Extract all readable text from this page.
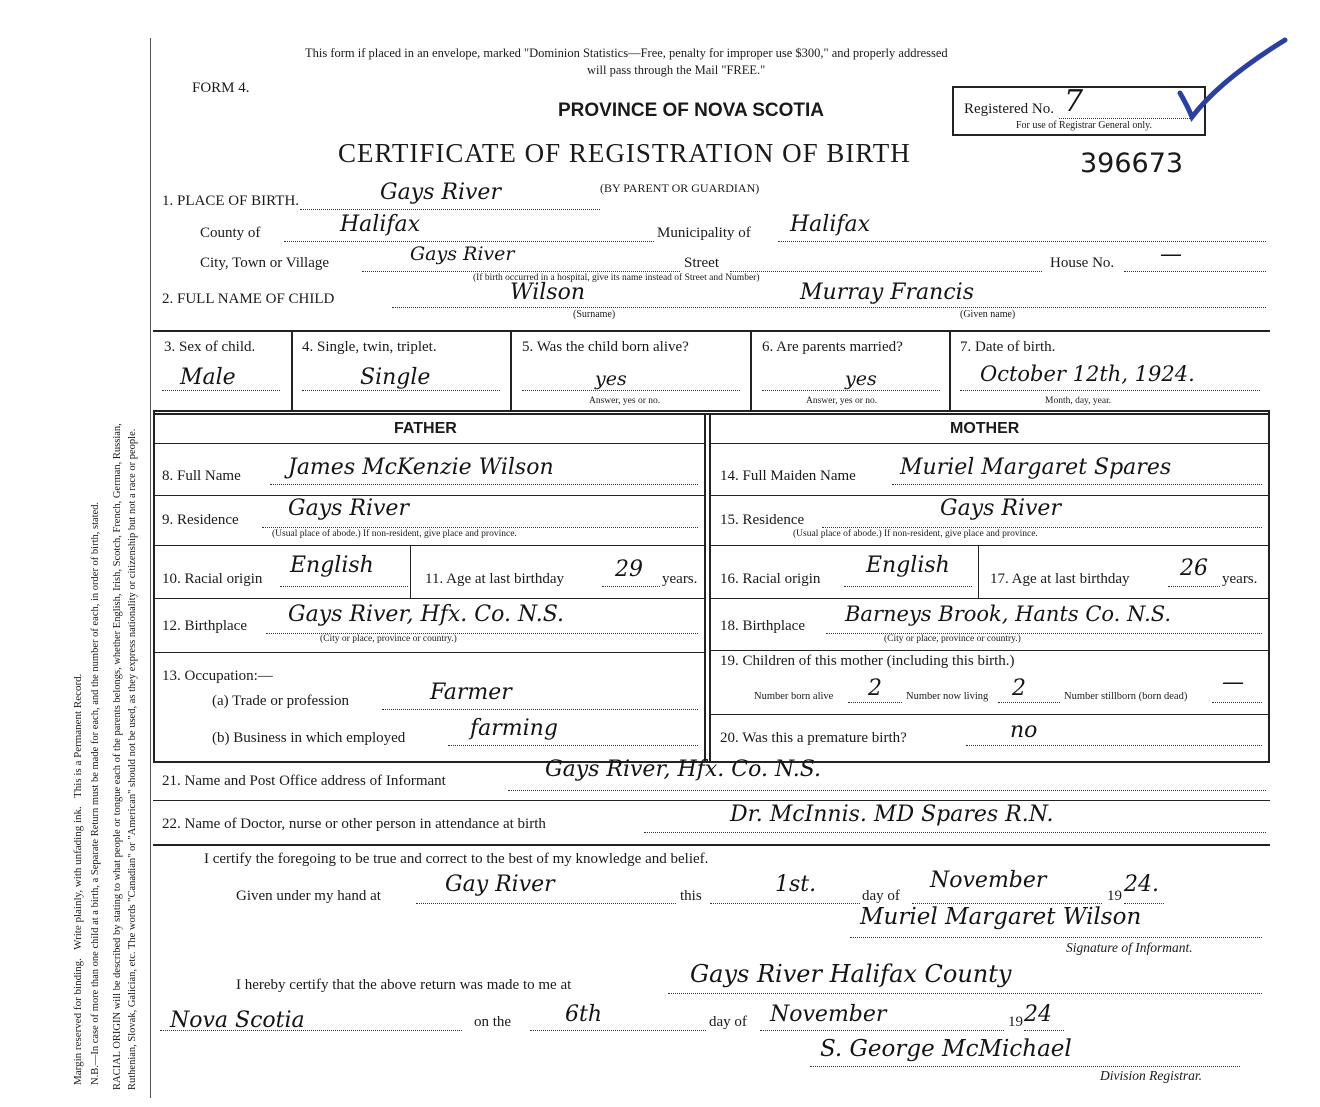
Margin reserved for binding.   Write plainly, with unfading ink.   This is a Permanent Record. N.B.—In case of more than one child at a birth, a Separate Return must be made for each, and the number of each, in order of birth, stated. RACIAL ORIGIN will be described by stating to what people or tongue each of the parents belongs, whether English, Irish, Scotch, French, German, Russian, Ruthenian, Slovak, Galician, etc. The words "Canadian" or "American" should not be used, as they express nationality or citizenship but not a race or people.
This form if placed in an envelope, marked "Dominion Statistics—Free, penalty for improper use $300," and properly addressed
will pass through the Mail "FREE."
FORM 4.
PROVINCE OF NOVA SCOTIA
CERTIFICATE OF REGISTRATION OF BIRTH	396673
(BY PARENT OR GUARDIAN)
Registered No. 7
For use of Registrar General only.
1. PLACE OF BIRTH.	Gays River
County of	Halifax	Municipality of Halifax
City, Town or Village	Gays River	Street	House No. —
(If birth occurred in a hospital, give its name instead of Street and Number)
2. FULL NAME OF CHILD	Wilson	Murray Francis
(Surname)	(Given name)
3. Sex of child.
Male
4. Single, twin, triplet.
Single
5. Was the child born alive?
yes
Answer, yes or no.
6. Are parents married?
yes
Answer, yes or no.
7. Date of birth.
October 12th, 1924.
Month, day, year.
FATHER	MOTHER
8. Full Name James McKenzie Wilson
9. Residence Gays River
(Usual place of abode.) If non-resident, give place and province.
10. Racial origin
English
11. Age at last birthday 29 years.
12. Birthplace Gays River, Hfx. Co. N.S.
(City or place, province or country.)
13. Occupation:—
(a) Trade or profession	Farmer
(b) Business in which employed	farming
14. Full Maiden Name Muriel Margaret Spares
15. Residence	Gays River
(Usual place of abode.) If non-resident, give place and province.
16. Racial origin
English
17. Age at last birthday 26 years.
18. Birthplace Barneys Brook, Hants Co. N.S.
(City or place, province or country.)
19. Children of this mother (including this birth.)
Number born alive 2 Number now living 2	Number stillborn (born dead)
—
20. Was this a premature birth?	no
21. Name and Post Office address of Informant	Gays River, Hfx. Co. N.S.
22. Name of Doctor, nurse or other person in attendance at birth	Dr. McInnis. MD Spares R.N.
I certify the foregoing to be true and correct to the best of my knowledge and belief.
Given under my hand at	Gay River	this	1st.	day of
November
19 24.
Muriel Margaret Wilson
Signature of Informant.
I hereby certify that the above return was made to me at	Gays River Halifax County
Nova Scotia	on the 6th	day of November	19 24
S. George McMichael
Division Registrar.
